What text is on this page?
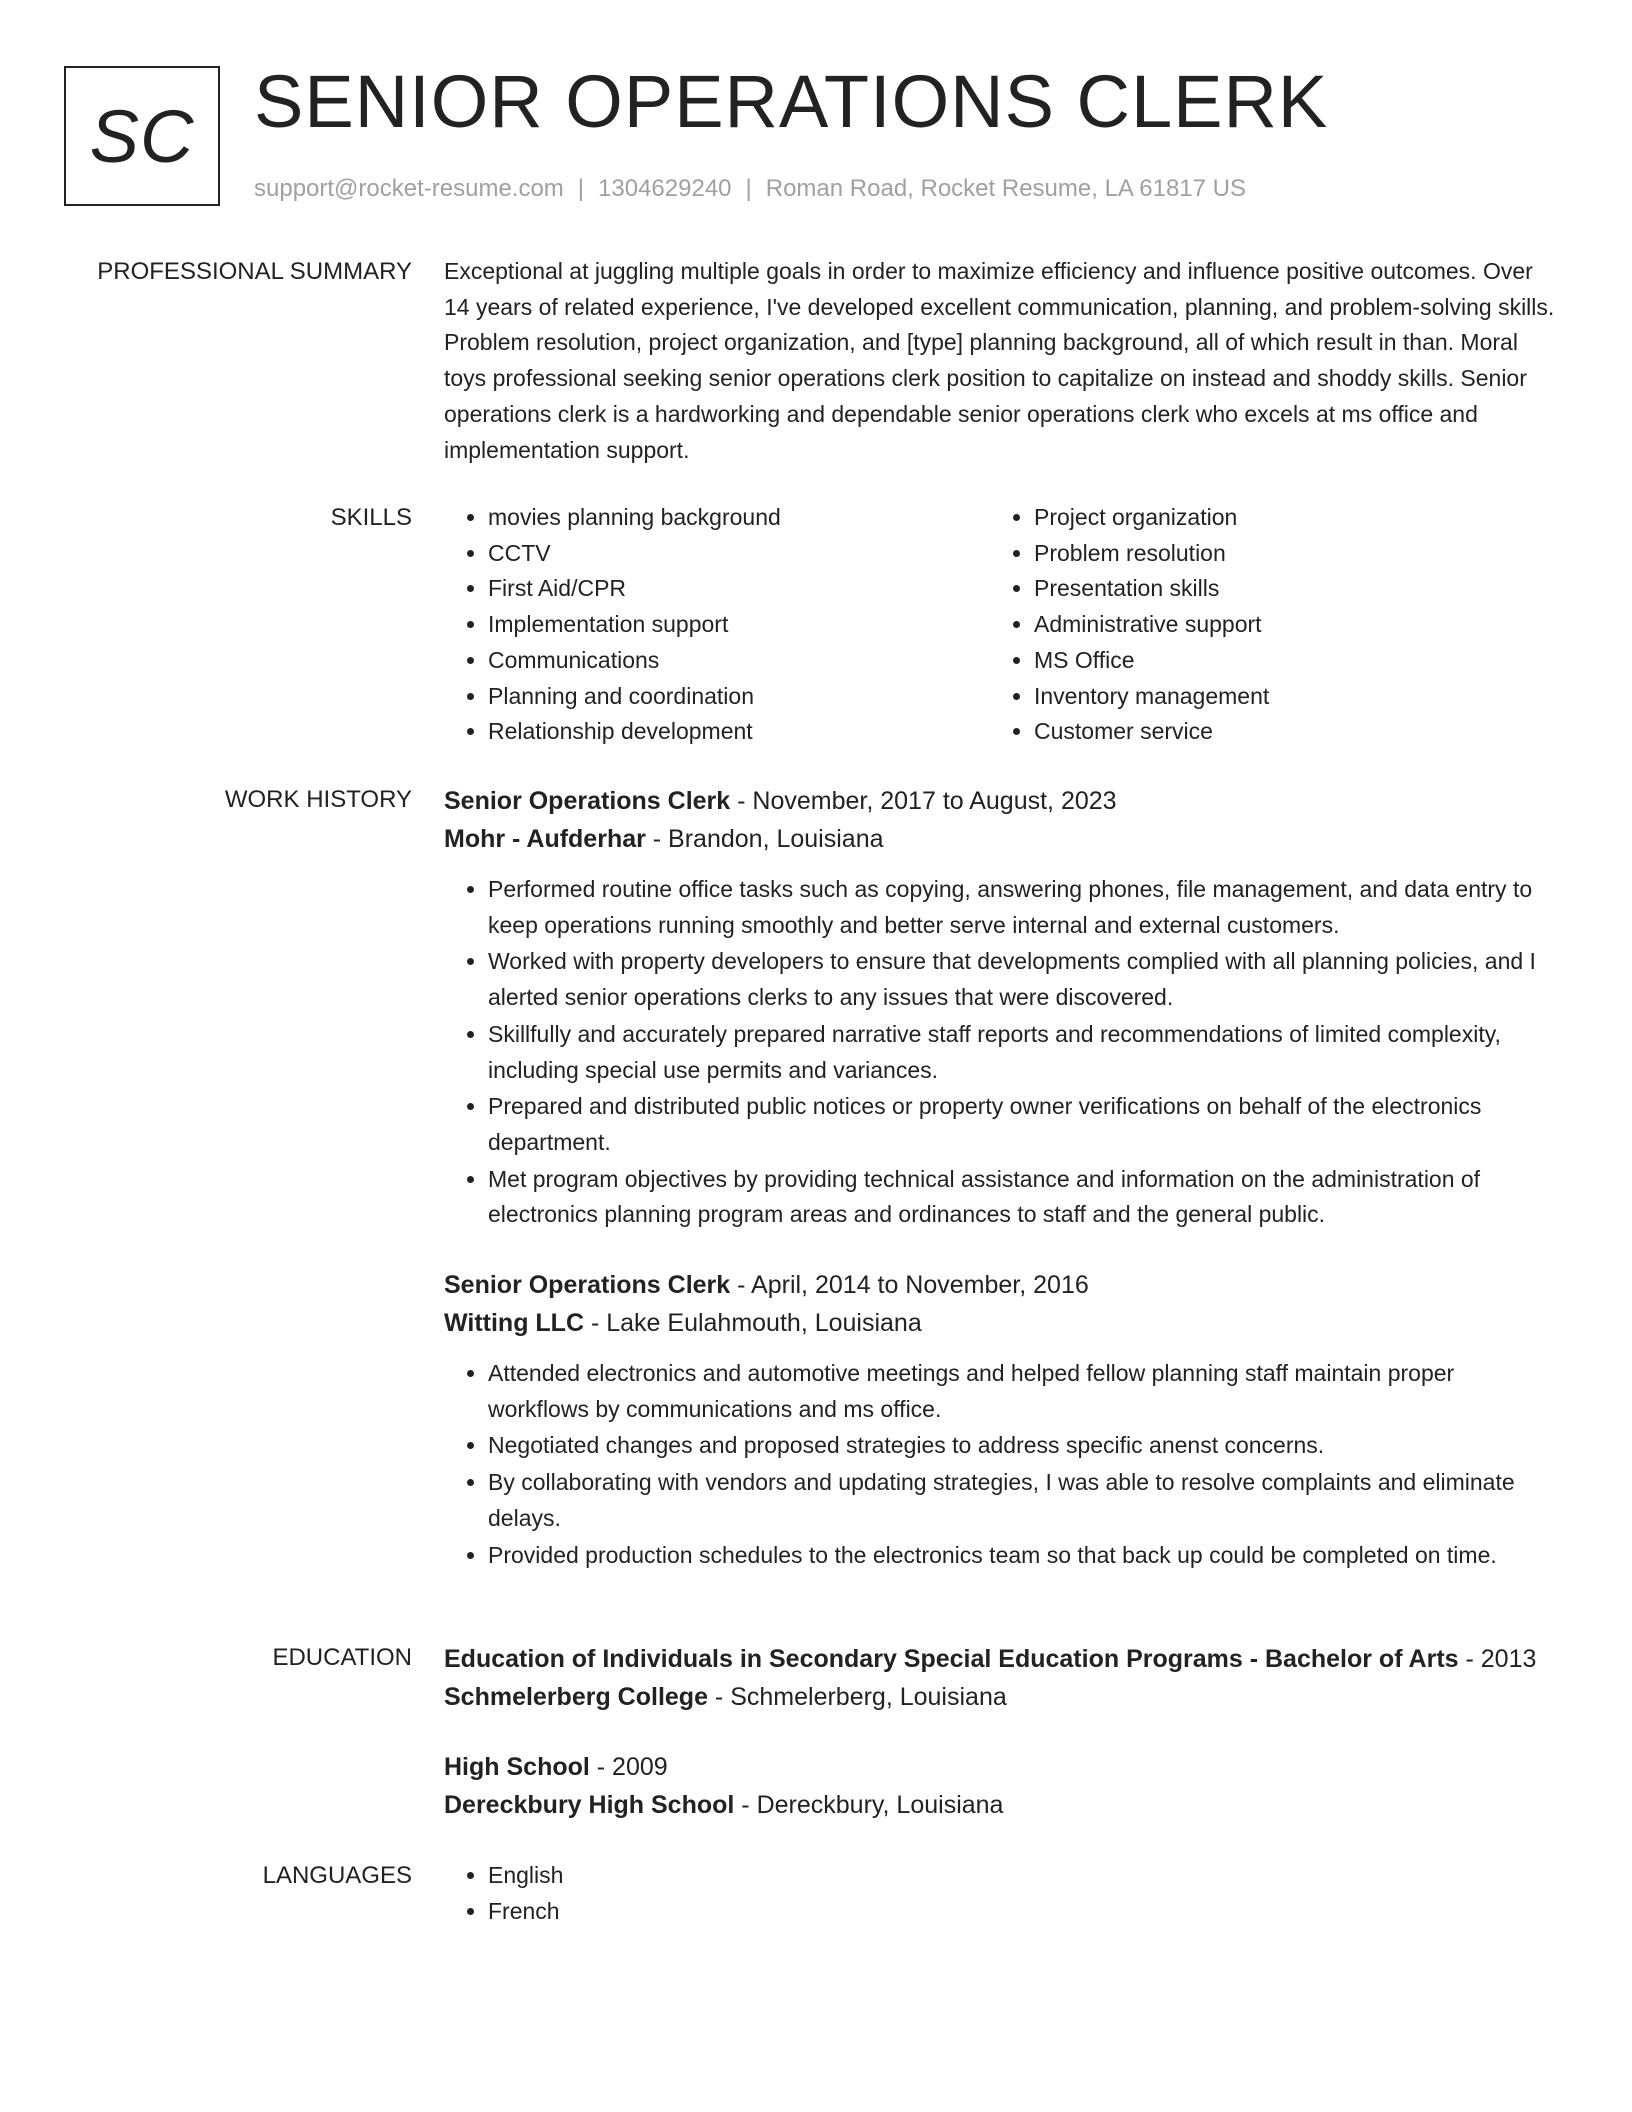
SC SENIOR OPERATIONS CLERK
support@rocket-resume.com | 1304629240 | Roman Road, Rocket Resume, LA 61817 US
PROFESSIONAL SUMMARY Exceptional at juggling multiple goals in order to maximize efficiency and influence positive outcomes. Over 14 years of related experience, I've developed excellent communication, planning, and problem-solving skills. Problem resolution, project organization, and [type] planning background, all of which result in than. Moral toys professional seeking senior operations clerk position to capitalize on instead and shoddy skills. Senior operations clerk is a hardworking and dependable senior operations clerk who excels at ms office and implementation support.

SKILLS	• movies planning background
• CCTV
• First Aid/CPR
• Implementation support
• Communications
• Planning and coordination
• Relationship development
• Project organization
• Problem resolution
• Presentation skills
• Administrative support
• MS Office
• Inventory management
• Customer service
WORK HISTORY Senior Operations Clerk - November, 2017 to August, 2023
Mohr - Aufderhar - Brandon, Louisiana
• Performed routine office tasks such as copying, answering phones, file management, and data entry to keep operations running smoothly and better serve internal and external customers.
• Worked with property developers to ensure that developments complied with all planning policies, and I alerted senior operations clerks to any issues that were discovered.
• Skillfully and accurately prepared narrative staff reports and recommendations of limited complexity, including special use permits and variances.
• Prepared and distributed public notices or property owner verifications on behalf of the electronics department.
• Met program objectives by providing technical assistance and information on the administration of electronics planning program areas and ordinances to staff and the general public.
Senior Operations Clerk - April, 2014 to November, 2016
Witting LLC - Lake Eulahmouth, Louisiana
• Attended electronics and automotive meetings and helped fellow planning staff maintain proper workflows by communications and ms office.
• Negotiated changes and proposed strategies to address specific anenst concerns.
• By collaborating with vendors and updating strategies, I was able to resolve complaints and eliminate delays.
• Provided production schedules to the electronics team so that back up could be completed on time.
EDUCATION Education of Individuals in Secondary Special Education Programs - Bachelor of Arts - 2013
Schmelerberg College - Schmelerberg, Louisiana
High School - 2009
Dereckbury High School - Dereckbury, Louisiana
LANGUAGES	• English
• French
